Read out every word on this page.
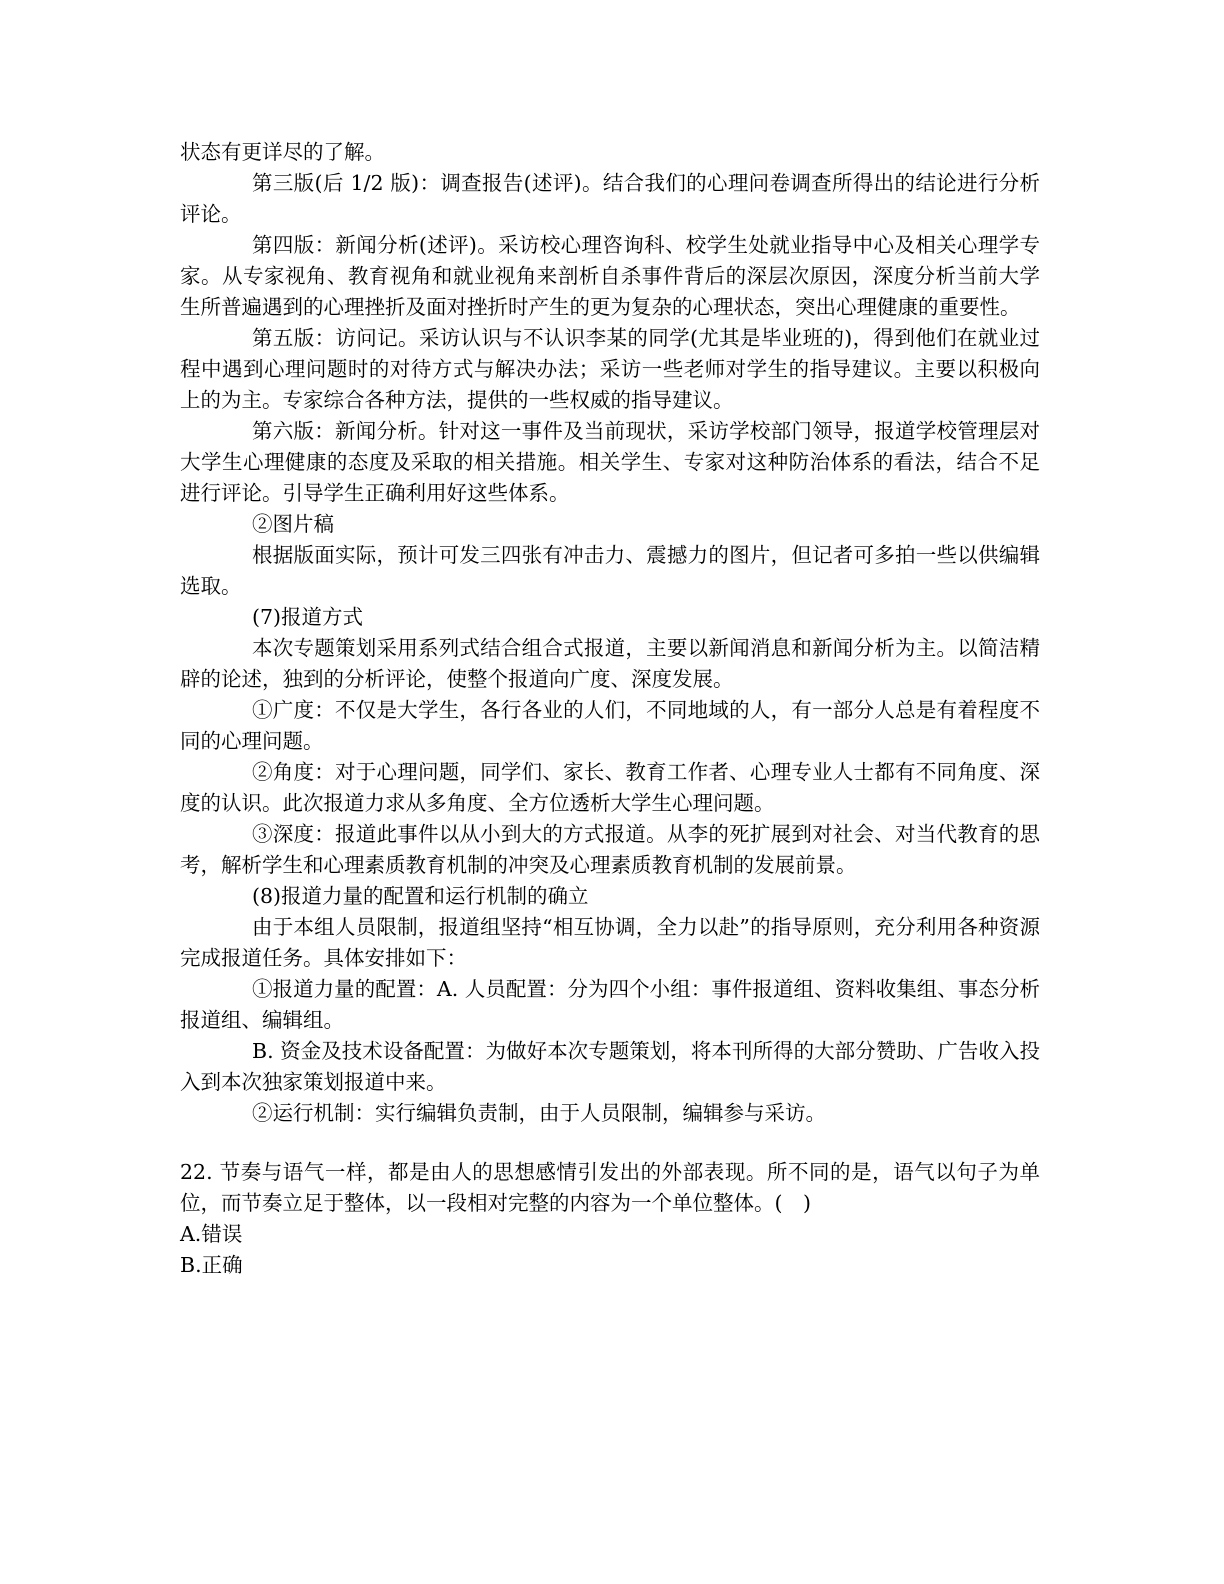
状态有更详尽的了解。

第三版(后 1/2 版)：调查报告(述评)。结合我们的心理问卷调查所得出的结论进行分析评论。

第四版：新闻分析(述评)。采访校心理咨询科、校学生处就业指导中心及相关心理学专家。从专家视角、教育视角和就业视角来剖析自杀事件背后的深层次原因，深度分析当前大学生所普遍遇到的心理挫折及面对挫折时产生的更为复杂的心理状态，突出心理健康的重要性。

第五版：访问记。采访认识与不认识李某的同学(尤其是毕业班的)，得到他们在就业过程中遇到心理问题时的对待方式与解决办法；采访一些老师对学生的指导建议。主要以积极向上的为主。专家综合各种方法，提供的一些权威的指导建议。

第六版：新闻分析。针对这一事件及当前现状，采访学校部门领导，报道学校管理层对大学生心理健康的态度及采取的相关措施。相关学生、专家对这种防治体系的看法，结合不足进行评论。引导学生正确利用好这些体系。

②图片稿

根据版面实际，预计可发三四张有冲击力、震撼力的图片，但记者可多拍一些以供编辑选取。

(7)报道方式

本次专题策划采用系列式结合组合式报道，主要以新闻消息和新闻分析为主。以简洁精辟的论述，独到的分析评论，使整个报道向广度、深度发展。

①广度：不仅是大学生，各行各业的人们，不同地域的人，有一部分人总是有着程度不同的心理问题。

②角度：对于心理问题，同学们、家长、教育工作者、心理专业人士都有不同角度、深度的认识。此次报道力求从多角度、全方位透析大学生心理问题。

③深度：报道此事件以从小到大的方式报道。从李的死扩展到对社会、对当代教育的思考，解析学生和心理素质教育机制的冲突及心理素质教育机制的发展前景。

(8)报道力量的配置和运行机制的确立

由于本组人员限制，报道组坚持“相互协调，全力以赴”的指导原则，充分利用各种资源完成报道任务。具体安排如下：

①报道力量的配置：A. 人员配置：分为四个小组：事件报道组、资料收集组、事态分析报道组、编辑组。

B. 资金及技术设备配置：为做好本次专题策划，将本刊所得的大部分赞助、广告收入投入到本次独家策划报道中来。

②运行机制：实行编辑负责制，由于人员限制，编辑参与采访。

22. 节奏与语气一样，都是由人的思想感情引发出的外部表现。所不同的是，语气以句子为单位，而节奏立足于整体，以一段相对完整的内容为一个单位整体。(　)

A.错误

B.正确
